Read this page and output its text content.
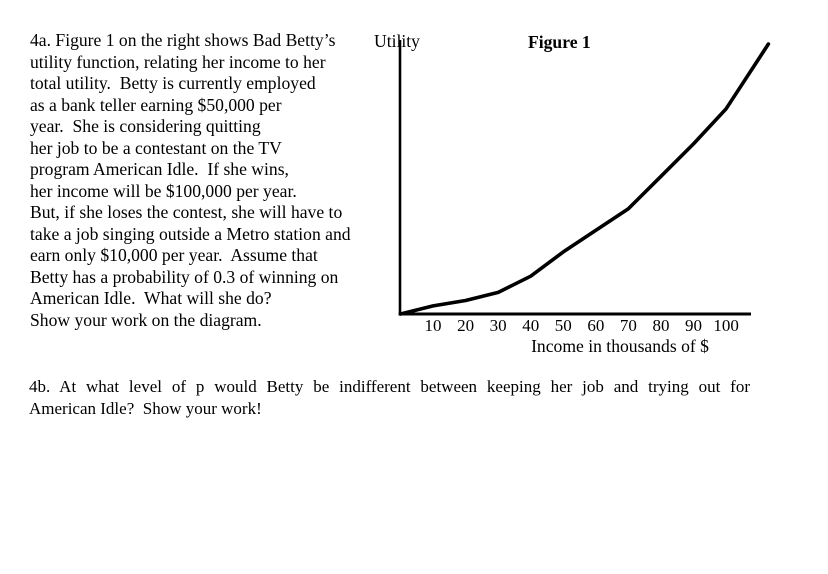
4a. Figure 1 on the right shows Bad Betty’s
utility function, relating her income to her
total utility.  Betty is currently employed
as a bank teller earning $50,000 per
year.  She is considering quitting
her job to be a contestant on the TV
program American Idle.  If she wins,
her income will be $100,000 per year.
But, if she loses the contest, she will have to
take a job singing outside a Metro station and
earn only $10,000 per year.  Assume that
Betty has a probability of 0.3 of winning on
American Idle.  What will she do?
Show your work on the diagram.
Utility	Figure 1
10 20 30 40 50 60 70 80 90 100
Income in thousands of $
4b. At what level of p would Betty be indifferent between keeping her job and trying out for
American Idle?  Show your work!
